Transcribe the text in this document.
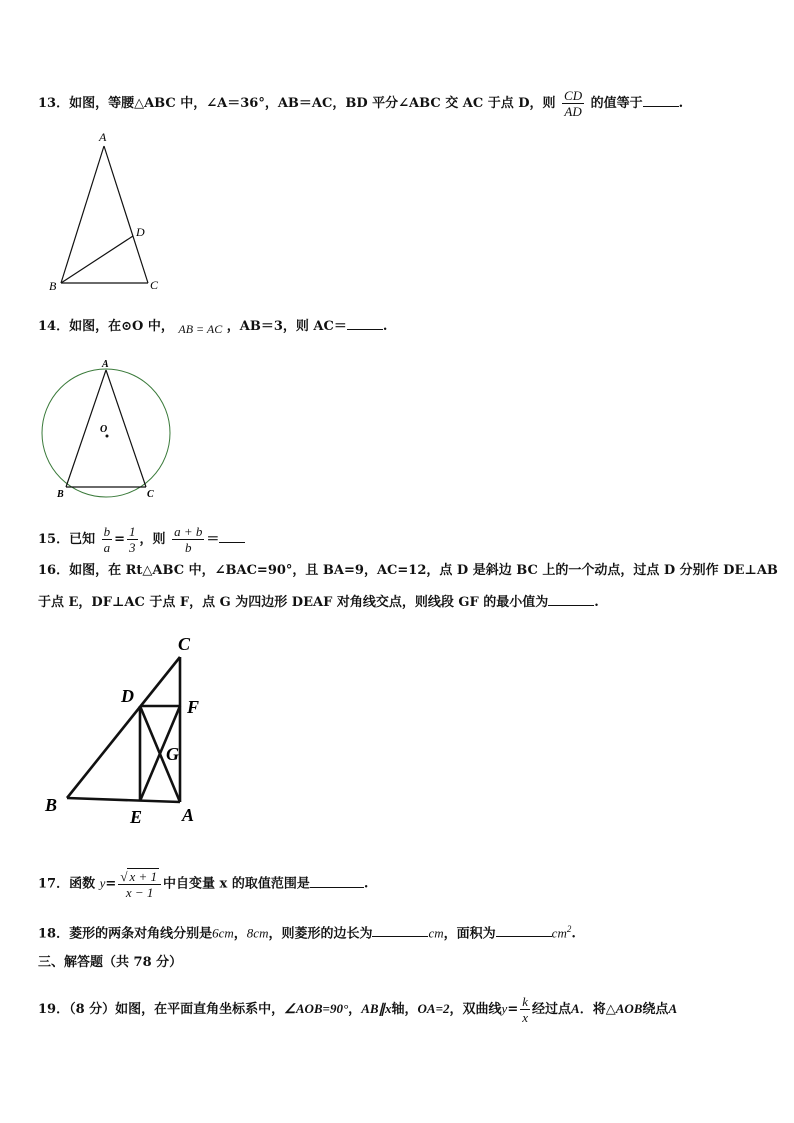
13．如图，等腰△ABC 中，∠A＝36°，AB＝AC，BD 平分∠ABC 交 AC 于点 D，则 $\frac{CD}{AD}$ 的值等于	.
A
B	C
D
14．如图，在⊙O 中， AB = AC ，AB＝3，则 AC＝	.
A
B	C
O
15．已知 $\frac{b}{a} = \frac{1}{3}$ ，则 $\frac{a + b}{b}$ ＝
16．如图，在 Rt△ABC 中，∠BAC=90°，且 BA=9，AC=12，点 D 是斜边 BC 上的一个动点，过点 D 分别作 DE⊥AB
于点 E，DF⊥AC 于点 F，点 G 为四边形 DEAF 对角线交点，则线段 GF 的最小值为	.
C
D
F
G
B
E A
17．函数 $y= \frac{√ x + 1}{x - 1}$ 中自变量 x 的取值范围是	.
18．菱形的两条对角线分别是6cm，8cm，则菱形的边长为	cm，面积为	$cm^2$.
三、解答题（共 78 分）
19．（8 分）如图，在平面直角坐标系中，∠AOB=90°，AB∥x轴，OA=2，双曲线$y= \frac{k}{x}$ 经过点A．将△AOB绕点A
